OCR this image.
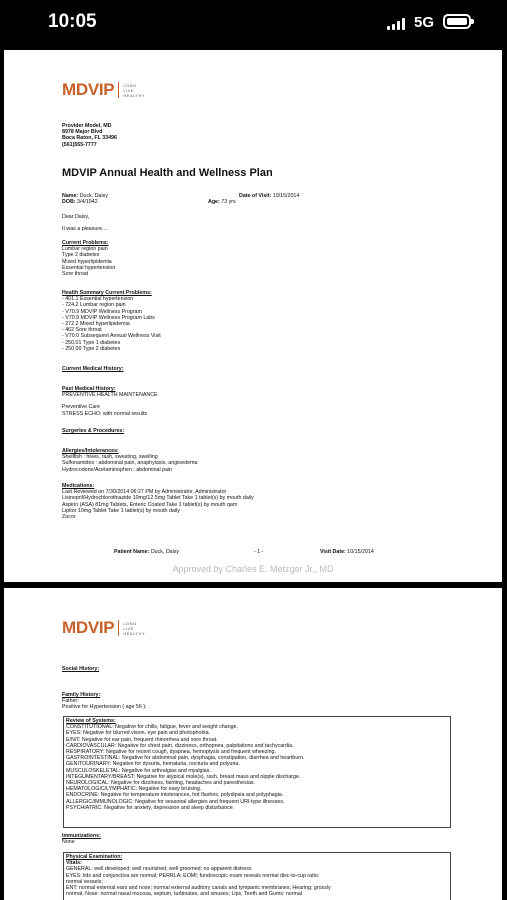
10:05	5G
MDVIP LONG
LIVE
HEALTHY
Provider Model, MD
8978 Major Blvd
Boca Raton, FL 33496
(561)555-7777
MDVIP Annual Health and Wellness Plan
Name: Duck, Daisy
DOB: 3/4/1942
Date of Visit: 10/15/2014
Age: 73 yrs
Dear Daisy,
It was a pleasure....
Current Problems:
Lumbar region pain
Type 2 diabetes
Mixed hyperlipidemia
Essential hypertension
Sore throat
Health Summary Current Problems:
- 401.1 Essential hypertension
- 724.2 Lumbar region pain
- V70.9 MDVIP Wellness Program
- V70.9 MDVIP Wellness Program Labs
- 272.2 Mixed hyperlipidemia
- 462 Sore throat
- V70.0 Subsequent Annual Wellness Visit
- 250.01 Type 1 diabetes
- 250.00 Type 2 diabetes
Current Medical History:
Past Medical History:
PREVENTIVE HEALTH MAINTENANCE
Preventive Care
STRESS ECHO: with normal results
Surgeries & Procedures:
Allergies/Intolerances:
Shellfish : hives, rash, sweating, swelling
Sulfonamides : abdominal pain, anaphylaxis, angioedema
Hydrocodone/Acetaminophen : abdominal pain
Medications:
Last Reviewed on 7/30/2014 06:27 PM by Administrator, Administrator
Lisinopril/Hydrochlorothiazide 10mg/12.5mg Tablet Take 1 tablet(s) by mouth daily
Aspirin (ASA) 81mg Tablets, Enteric Coated Take 1 tablet(s) by mouth qam
Lipitor 10mg Tablet Take 1 tablet(s) by mouth daily
Zocor
Patient Name: Duck, Daisy	- 1 -	Visit Date: 10/15/2014
Approved by Charles E. Metzger Jr., MD
MDVIP LONG
LIVE
HEALTHY
Social History:
Family History:
Father:
Positive for Hypertension ( age 56 );
Review of Systems:
CONSTITUTIONAL: Negative for chills, fatigue, fever and weight change.
EYES: Negative for blurred vision, eye pain and photophobia.
E/N/T: Negative for ear pain, frequent rhinorrhea and sore throat.
CARDIOVASCULAR: Negative for chest pain, dizziness, orthopnea, palpitations and tachycardia.
RESPIRATORY: Negative for recent cough, dyspnea, hemoptysis and frequent wheezing.
GASTROINTESTINAL: Negative for abdominal pain, dysphagia, constipation, diarrhea and heartburn.
GENITOURINARY: Negative for dysuria, hematuria, nocturia and polyuria.
MUSCULOSKELETAL: Negative for arthralgias and myalgias.
INTEGUMENTARY/BREAST: Negative for atypical mole(s), rash, breast mass and nipple discharge.
NEUROLOGICAL: Negative for dizziness, fainting, headaches and paresthesias.
HEMATOLOGIC/LYMPHATIC: Negative for easy bruising.
ENDOCRINE: Negative for temperature intolerances, hot flashes, polydipsia and polyphagia.
ALLERGIC/IMMUNOLOGIC: Negative for seasonal allergies and frequent URI-type illnesses.
PSYCHIATRIC: Negative for anxiety, depression and sleep disturbance.
Immunizations:
None
Physical Examination:
Vitals:
GENERAL: well developed; well nourished; well groomed; no apparent distress
EYES: lids and conjunctiva are normal; PERRLA; EOMI; fundoscopic exam reveals normal disc-to-cup ratio;
normal vessels;
ENT: normal external ears and nose; normal external auditory canals and tympanic membranes; Hearing: grossly
normal; Nose: normal nasal mucosa, septum, turbinates, and sinuses; Lips, Teeth and Gums: normal
